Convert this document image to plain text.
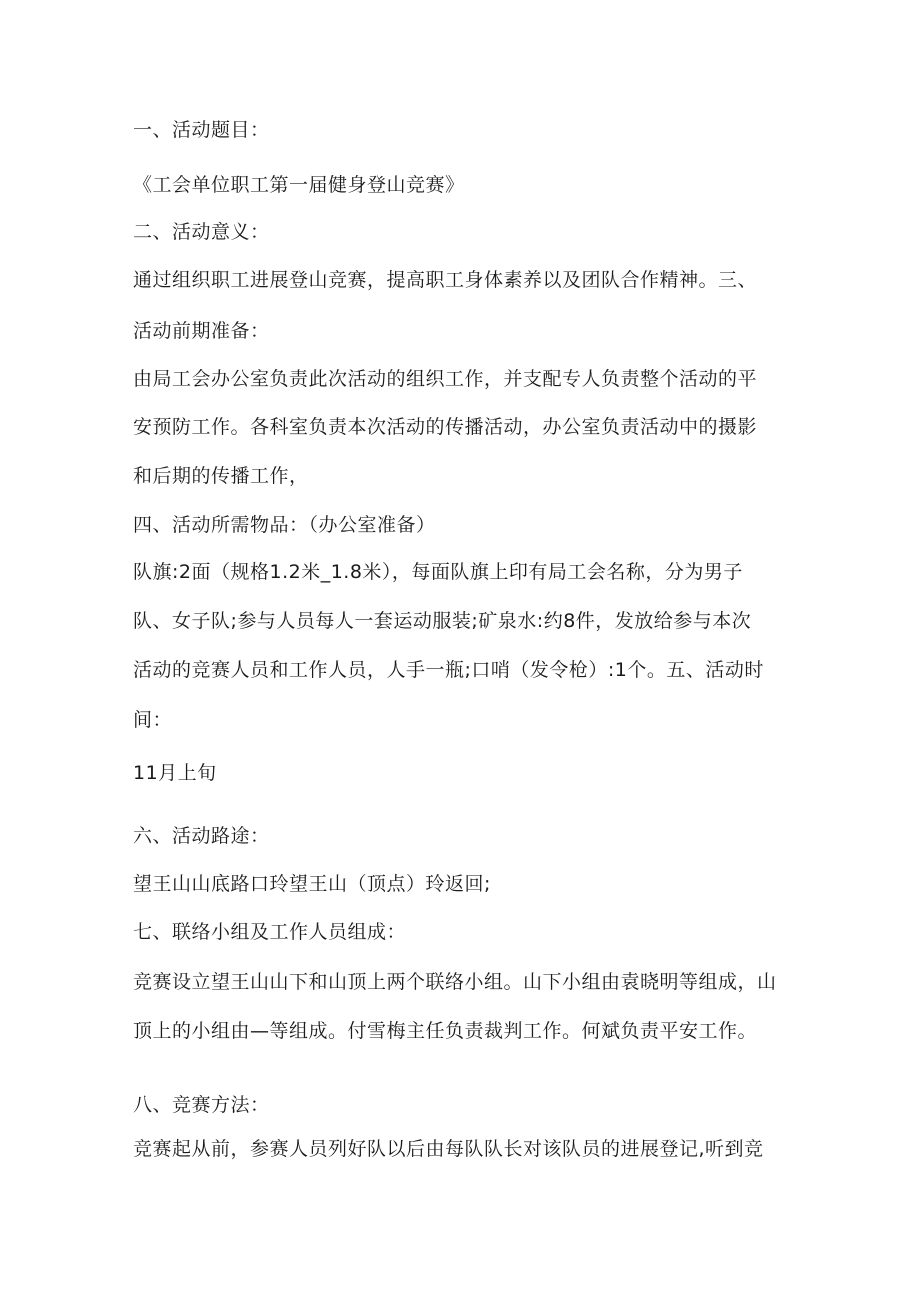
一、活动题目：
《工会单位职工第一届健身登山竞赛》
二、活动意义：
通过组织职工进展登山竞赛，提高职工身体素养以及团队合作精神。三、
活动前期准备：
由局工会办公室负责此次活动的组织工作，并支配专人负责整个活动的平
安预防工作。各科室负责本次活动的传播活动，办公室负责活动中的摄影
和后期的传播工作，
四、活动所需物品：（办公室准备）
队旗:2面（规格1.2米_1.8米），每面队旗上印有局工会名称，分为男子
队、女子队;参与人员每人一套运动服装;矿泉水:约8件，发放给参与本次
活动的竞赛人员和工作人员，人手一瓶;口哨（发令枪）:1个。五、活动时
间：
11月上旬
六、活动路途：
望王山山底路口玲望王山（顶点）玲返回;
七、联络小组及工作人员组成：
竞赛设立望王山山下和山顶上两个联络小组。山下小组由袁晓明等组成，山
顶上的小组由—等组成。付雪梅主任负责裁判工作。何斌负责平安工作。
八、竞赛方法：
竞赛起从前，参赛人员列好队以后由每队队长对该队员的进展登记,听到竞
